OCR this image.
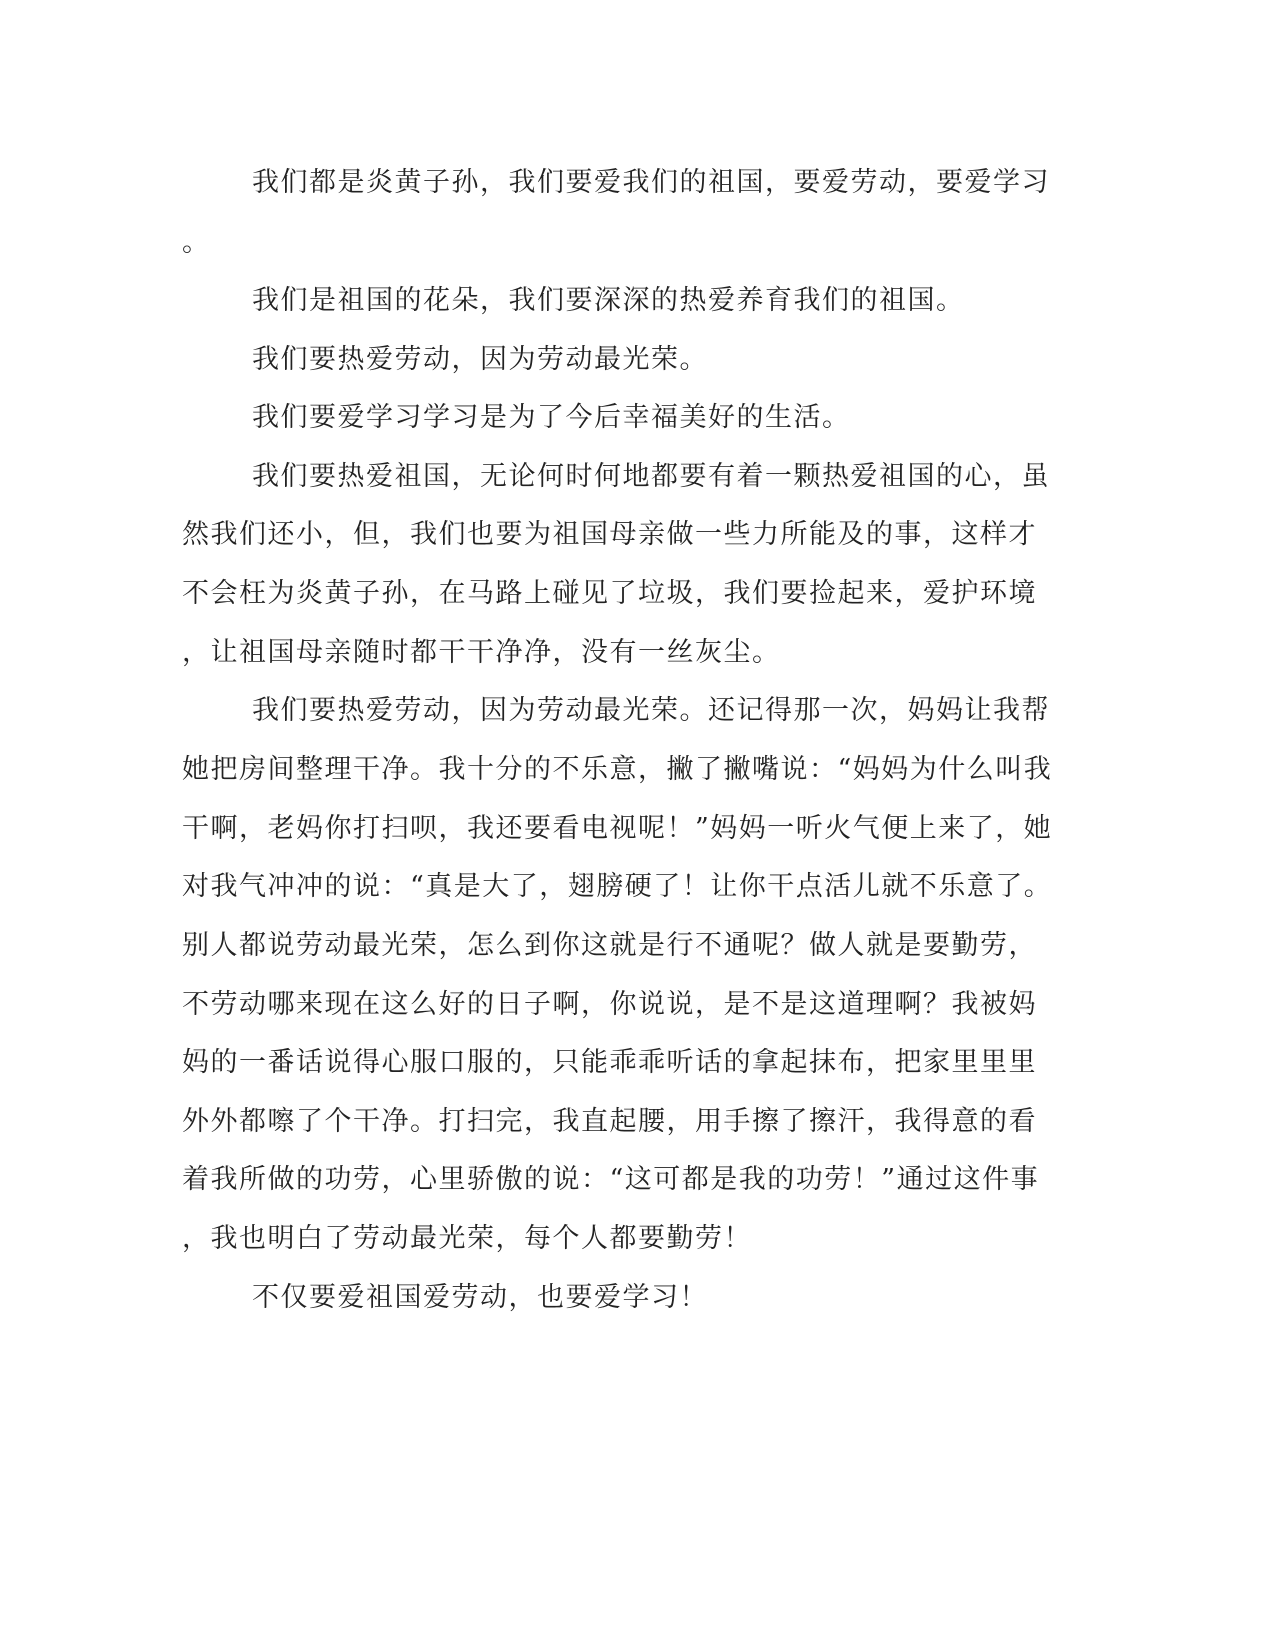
我们都是炎黄子孙，我们要爱我们的祖国，要爱劳动，要爱学习
。
我们是祖国的花朵，我们要深深的热爱养育我们的祖国。
我们要热爱劳动，因为劳动最光荣。
我们要爱学习学习是为了今后幸福美好的生活。
我们要热爱祖国，无论何时何地都要有着一颗热爱祖国的心，虽
然我们还小，但，我们也要为祖国母亲做一些力所能及的事，这样才
不会枉为炎黄子孙，在马路上碰见了垃圾，我们要捡起来，爱护环境
，让祖国母亲随时都干干净净，没有一丝灰尘。
我们要热爱劳动，因为劳动最光荣。还记得那一次，妈妈让我帮
她把房间整理干净。我十分的不乐意，撇了撇嘴说：“妈妈为什么叫我
干啊，老妈你打扫呗，我还要看电视呢！”妈妈一听火气便上来了，她
对我气冲冲的说：“真是大了，翅膀硬了！让你干点活儿就不乐意了。
别人都说劳动最光荣，怎么到你这就是行不通呢？做人就是要勤劳，
不劳动哪来现在这么好的日子啊，你说说，是不是这道理啊？我被妈
妈的一番话说得心服口服的，只能乖乖听话的拿起抹布，把家里里里
外外都嚓了个干净。打扫完，我直起腰，用手擦了擦汗，我得意的看
着我所做的功劳，心里骄傲的说：“这可都是我的功劳！”通过这件事
，我也明白了劳动最光荣，每个人都要勤劳！
不仅要爱祖国爱劳动，也要爱学习！
